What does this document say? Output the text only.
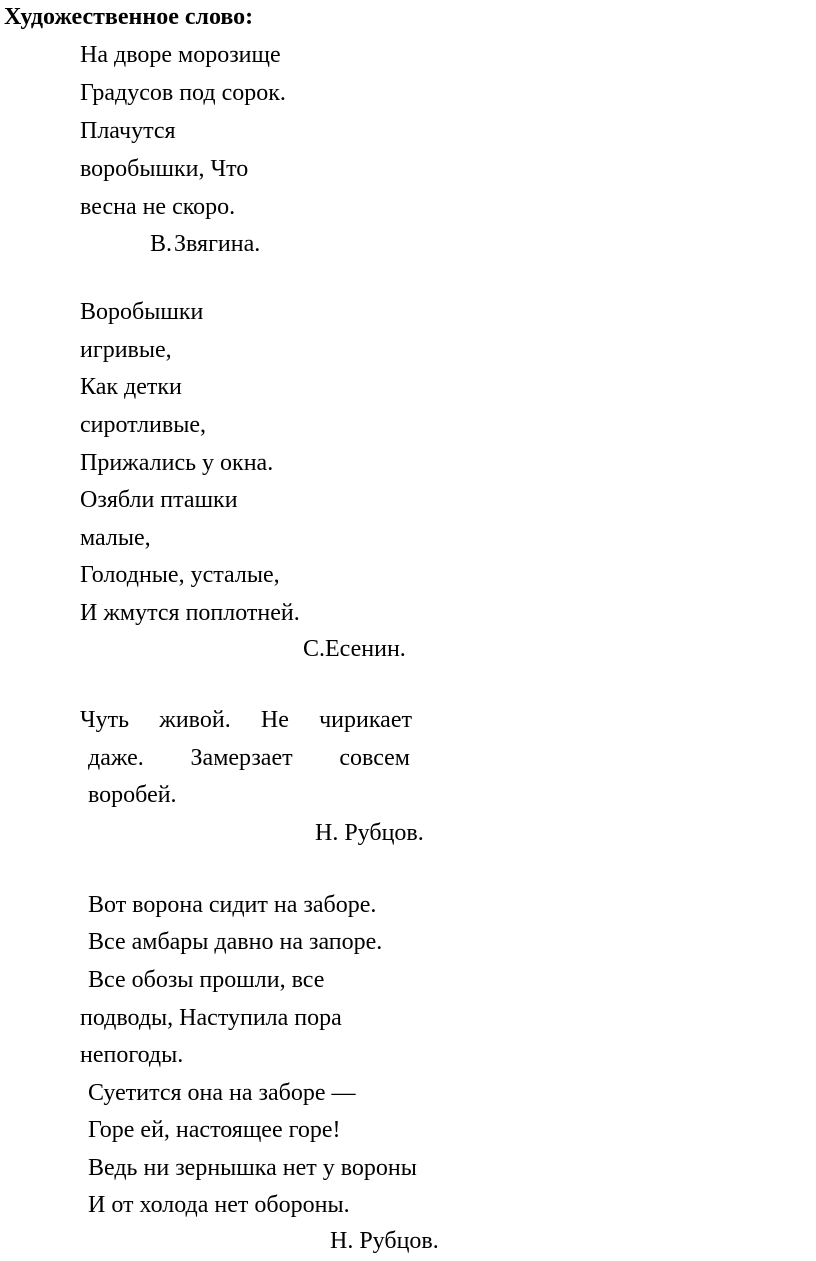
Художественное слово:
На дворе морозище
Градусов под сорок.
Плачутся
воробышки, Что
весна не скоро.
В. Звягина.
Воробышки
игривые,
Как детки
сиротливые,
Прижались у окна.
Озябли пташки
малые,
Голодные, усталые,
И жмутся поплотней.
С.Есенин.
Чуть живой. Не чирикает
даже. Замерзает совсем
воробей.
Н. Рубцов.
Вот ворона сидит на заборе.
Все амбары давно на запоре.
Все обозы прошли, все
подводы, Наступила пора
непогоды.
Суетится она на заборе —
Горе ей, настоящее горе!
Ведь ни зернышка нет у вороны
И от холода нет обороны.
Н. Рубцов.
